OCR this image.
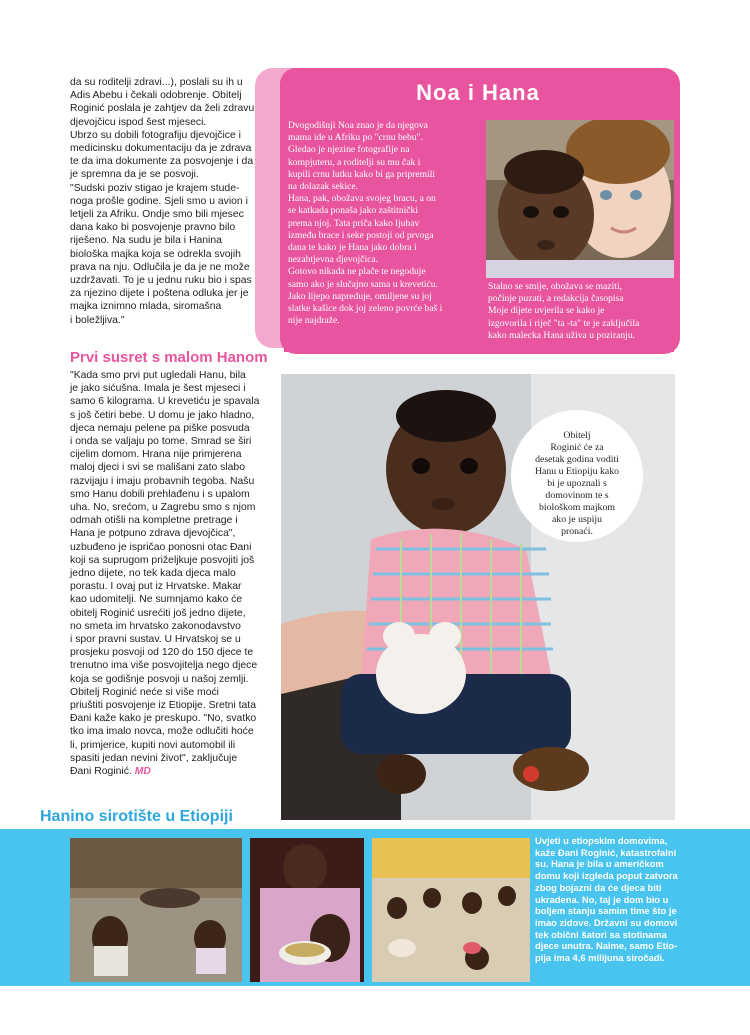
da su roditelji zdravi...), poslali su ih u
Adis Abebu i čekali odobrenje. Obitelj
Roginić poslala je zahtjev da želi zdravu
djevojčicu ispod šest mjeseci.
Ubrzo su dobili fotografiju djevojčice i
medicinsku dokumentaciju da je zdrava
te da ima dokumente za posvojenje i da
je spremna da je se posvoji.
"Sudski poziv stigao je krajem stude-
noga prošle godine. Sjeli smo u avion i
letjeli za Afriku. Ondje smo bili mjesec
dana kako bi posvojenje pravno bilo
riješeno. Na sudu je bila i Hanina
biološka majka koja se odrekla svojih
prava na nju. Odlučila je da je ne može
uzdržavati. To je u jednu ruku bio i spas
za njezino dijete i poštena odluka jer je
majka iznimno mlada, siromašna
i boležljiva."

Prvi susret s malom Hanom
"Kada smo prvi put ugledali Hanu, bila
je jako sićušna. Imala je šest mjeseci i
samo 6 kilograma. U krevetiću je spavala
s još četiri bebe. U domu je jako hladno,
djeca nemaju pelene pa piške posvuda
i onda se valjaju po tome. Smrad se širi
cijelim domom. Hrana nije primjerena
maloj djeci i svi se mališani zato slabo
razvijaju i imaju probavnih tegoba. Našu
smo Hanu dobili prehlađenu i s upalom
uha. No, srećom, u Zagrebu smo s njom
odmah otišli na kompletne pretrage i
Hana je potpuno zdrava djevojčica",
uzbuđeno je ispričao ponosni otac Đani
koji sa suprugom priželjkuje posvojiti još
jedno dijete, no tek kada djeca malo
porastu. I ovaj put iz Hrvatske. Makar
kao udomitelji. Ne sumnjamo kako će
obitelj Roginić usrećiti još jedno dijete,
no smeta im hrvatsko zakonodavstvo
i spor pravni sustav. U Hrvatskoj se u
prosjeku posvoji od 120 do 150 djece te
trenutno ima više posvojitelja nego djece
koja se godišnje posvoji u našoj zemlji.
Obitelj Roginić neće si više moći
priuštiti posvojenje iz Etiopije. Sretni tata
Đani kaže kako je preskupo. "No, svatko
tko ima imalo novca, može odlučiti hoće
li, primjerice, kupiti novi automobil ili
spasiti jedan nevini život", zaključuje
Đani Roginić. MD
Noa i Hana

Dvogodišnji Noa znao je da njegova
mama ide u Afriku po "crnu bebu".
Gledao je njezine fotografije na
kompjuteru, a roditelji su mu čak i
kupili crnu lutku kako bi ga pripremili
na dolazak sekice.
Hana, pak, obožava svojeg bracu, a on
se katkada ponaša jako zaštitnički
prema njoj. Tata priča kako ljubav
između brace i seke postoji od prvoga
dana te kako je Hana jako dobra i
nezahtjevna djevojčica.
Gotovo nikada ne plače te negoduje
samo ako je slučajno sama u krevetiću.
Jako lijepo napreduje, omiljene su joj
slatke kašice dok joj zeleno povrće baš i
nije najdraže.

Stalno se smije, obožava se maziti,
počinje puzati, a redakcija časopisa
Moje dijete uvjerila se kako je
izgovorila i riječ "ta -ta" te je zaključila
kako malecka Hana uživa u poziranju.

Obitelj
Roginić će za
desetak godina voditi
Hanu u Etiopiju kako
bi je upoznali s
domovinom te s
biološkom majkom
ako je uspiju
pronaći.

Hanino sirotište u Etiopiji

Uvjeti u etiopskim domovima,
kaže Đani Roginić, katastrofalni
su. Hana je bila u američkom
domu koji izgleda poput zatvora
zbog bojazni da će djeca biti
ukradena. No, taj je dom bio u
boljem stanju samim time što je
imao zidove. Državni su domovi
tek obični šatori sa stotinama
djece unutra. Naime, samo Etio-
pija ima 4,6 milijuna siročadi.
